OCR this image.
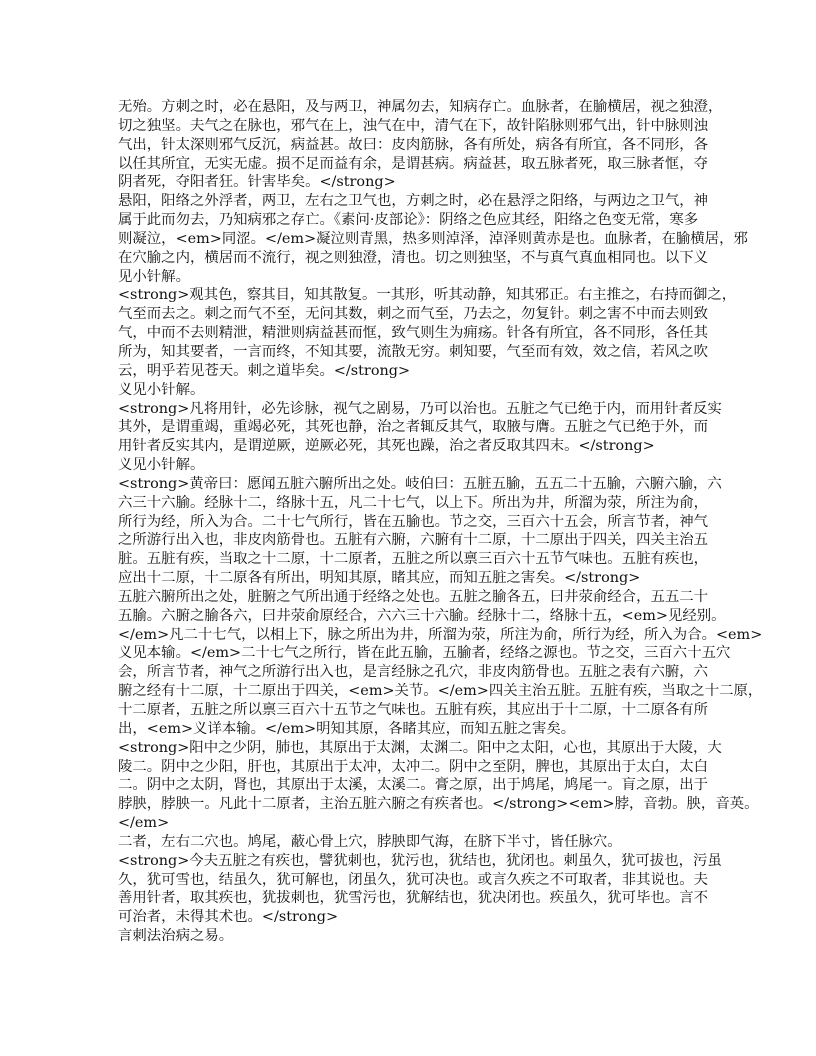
无殆。方刺之时，必在悬阳，及与两卫，神属勿去，知病存亡。血脉者，在腧横居，视之独澄，
切之独坚。夫气之在脉也，邪气在上，浊气在中，清气在下，故针陷脉则邪气出，针中脉则浊
气出，针太深则邪气反沉，病益甚。故曰：皮肉筋脉，各有所处，病各有所宜，各不同形，各
以任其所宜，无实无虚。损不足而益有余，是谓甚病。病益甚，取五脉者死，取三脉者恇，夺
阴者死，夺阳者狂。针害毕矣。</strong>
悬阳，阳络之外浮者，两卫，左右之卫气也，方刺之时，必在悬浮之阳络，与两边之卫气，神
属于此而勿去，乃知病邪之存亡。《素问·皮部论》：阴络之色应其经，阳络之色变无常，寒多
则凝泣，<em>同涩。</em>凝泣则青黑，热多则淖泽，淖泽则黄赤是也。血脉者，在腧横居，邪
在穴腧之内，横居而不流行，视之则独澄，清也。切之则独坚，不与真气真血相同也。以下义
见小针解。
<strong>观其色，察其目，知其散复。一其形，听其动静，知其邪正。右主推之，右持而御之，
气至而去之。刺之而气不至，无问其数，刺之而气至，乃去之，勿复针。刺之害不中而去则致
气，中而不去则精泄，精泄则病益甚而恇，致气则生为痈疡。针各有所宜，各不同形，各任其
所为，知其要者，一言而终，不知其要，流散无穷。刺知要，气至而有效，效之信，若风之吹
云，明乎若见苍天。刺之道毕矣。</strong>
义见小针解。
<strong>凡将用针，必先诊脉，视气之剧易，乃可以治也。五脏之气已绝于内，而用针者反实
其外，是谓重竭，重竭必死，其死也静，治之者辄反其气，取腋与膺。五脏之气已绝于外，而
用针者反实其内，是谓逆厥，逆厥必死，其死也躁，治之者反取其四末。</strong>
义见小针解。
<strong>黄帝曰：愿闻五脏六腑所出之处。岐伯曰：五脏五腧，五五二十五腧，六腑六腧，六
六三十六腧。经脉十二，络脉十五，凡二十七气，以上下。所出为井，所溜为荥，所注为俞，
所行为经，所入为合。二十七气所行，皆在五腧也。节之交，三百六十五会，所言节者，神气
之所游行出入也，非皮肉筋骨也。五脏有六腑，六腑有十二原，十二原出于四关，四关主治五
脏。五脏有疾，当取之十二原，十二原者，五脏之所以禀三百六十五节气味也。五脏有疾也，
应出十二原，十二原各有所出，明知其原，睹其应，而知五脏之害矣。</strong>
五脏六腑所出之处，脏腑之气所出通于经络之处也。五脏之腧各五，曰井荥俞经合，五五二十
五腧。六腑之腧各六，曰井荥俞原经合，六六三十六腧。经脉十二，络脉十五，<em>见经别。
</em>凡二十七气，以相上下，脉之所出为井，所溜为荥，所注为俞，所行为经，所入为合。<em>
义见本输。</em>二十七气之所行，皆在此五腧，五腧者，经络之源也。节之交，三百六十五穴
会，所言节者，神气之所游行出入也，是言经脉之孔穴，非皮肉筋骨也。五脏之表有六腑，六
腑之经有十二原，十二原出于四关，<em>关节。</em>四关主治五脏。五脏有疾，当取之十二原，
十二原者，五脏之所以禀三百六十五节之气味也。五脏有疾，其应出于十二原，十二原各有所
出，<em>义详本输。</em>明知其原，各睹其应，而知五脏之害矣。
<strong>阳中之少阴，肺也，其原出于太渊，太渊二。阳中之太阳，心也，其原出于大陵，大
陵二。阴中之少阳，肝也，其原出于太冲，太冲二。阴中之至阴，脾也，其原出于太白，太白
二。阴中之太阴，肾也，其原出于太溪，太溪二。膏之原，出于鸠尾，鸠尾一。肓之原，出于
脖胦，脖胦一。凡此十二原者，主治五脏六腑之有疾者也。</strong><em>脖，音勃。胦，音英。
</em>
二者，左右二穴也。鸠尾，蔽心骨上穴，脖胦即气海，在脐下半寸，皆任脉穴。
<strong>今夫五脏之有疾也，譬犹刺也，犹污也，犹结也，犹闭也。刺虽久，犹可拔也，污虽
久，犹可雪也，结虽久，犹可解也，闭虽久，犹可决也。或言久疾之不可取者，非其说也。夫
善用针者，取其疾也，犹拔刺也，犹雪污也，犹解结也，犹决闭也。疾虽久，犹可毕也。言不
可治者，未得其术也。</strong>
言刺法治病之易。
